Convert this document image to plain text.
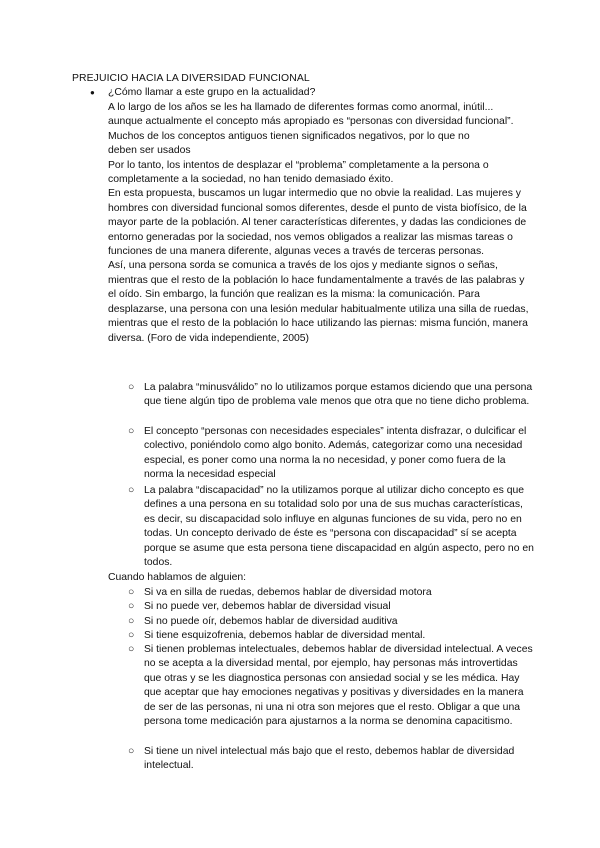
PREJUICIO HACIA LA DIVERSIDAD FUNCIONAL
● ¿Cómo llamar a este grupo en la actualidad?

A lo largo de los años se les ha llamado de diferentes formas como anormal, inútil... aunque actualmente el concepto más apropiado es “personas con diversidad funcional”.

Muchos de los conceptos antiguos tienen significados negativos, por lo que no deben ser usados

Por lo tanto, los intentos de desplazar el “problema” completamente a la persona o completamente a la sociedad, no han tenido demasiado éxito.

En esta propuesta, buscamos un lugar intermedio que no obvie la realidad. Las mujeres y hombres con diversidad funcional somos diferentes, desde el punto de vista biofísico, de la mayor parte de la población. Al tener características diferentes, y dadas las condiciones de entorno generadas por la sociedad, nos vemos obligados a realizar las mismas tareas o funciones de una manera diferente, algunas veces a través de terceras personas.

Así, una persona sorda se comunica a través de los ojos y mediante signos o señas, mientras que el resto de la población lo hace fundamentalmente a través de las palabras y el oído. Sin embargo, la función que realizan es la misma: la comunicación. Para desplazarse, una persona con una lesión medular habitualmente utiliza una silla de ruedas, mientras que el resto de la población lo hace utilizando las piernas: misma función, manera diversa. (Foro de vida independiente, 2005)

○ La palabra “minusválido” no lo utilizamos porque estamos diciendo que una persona que tiene algún tipo de problema vale menos que otra que no tiene dicho problema.

○ El concepto “personas con necesidades especiales” intenta disfrazar, o dulcificar el colectivo, poniéndolo como algo bonito. Además, categorizar como una necesidad especial, es poner como una norma la no necesidad, y poner como fuera de la norma la necesidad especial

○ La palabra “discapacidad” no la utilizamos porque al utilizar dicho concepto es que defines a una persona en su totalidad solo por una de sus muchas características, es decir, su discapacidad solo influye en algunas funciones de su vida, pero no en todas. Un concepto derivado de éste es “persona con discapacidad” sí se acepta porque se asume que esta persona tiene discapacidad en algún aspecto, pero no en todos.

Cuando hablamos de alguien:
○ Si va en silla de ruedas, debemos hablar de diversidad motora

○ Si no puede ver, debemos hablar de diversidad visual

○ Si no puede oír, debemos hablar de diversidad auditiva

○ Si tiene esquizofrenia, debemos hablar de diversidad mental.

○ Si tienen problemas intelectuales, debemos hablar de diversidad intelectual. A veces no se acepta a la diversidad mental, por ejemplo, hay personas más introvertidas que otras y se les diagnostica personas con ansiedad social y se les médica. Hay que aceptar que hay emociones negativas y positivas y diversidades en la manera de ser de las personas, ni una ni otra son mejores que el resto. Obligar a que una persona tome medicación para ajustarnos a la norma se denomina capacitismo.

○ Si tiene un nivel intelectual más bajo que el resto, debemos hablar de diversidad intelectual.
